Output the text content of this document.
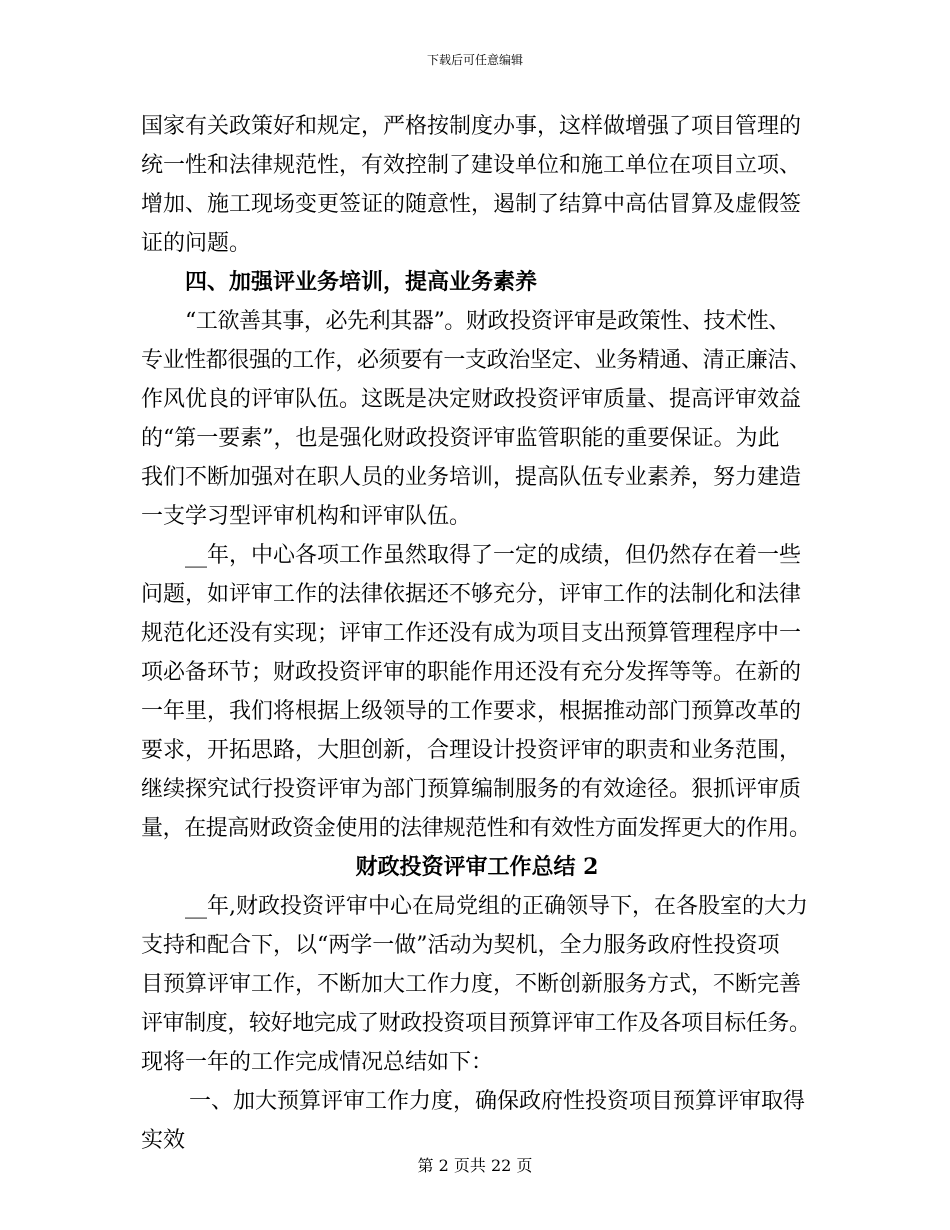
下载后可任意编辑
国家有关政策好和规定，严格按制度办事，这样做增强了项目管理的
统一性和法律规范性，有效控制了建设单位和施工单位在项目立项、
增加、施工现场变更签证的随意性，遏制了结算中高估冒算及虚假签
证的问题。
四、加强评业务培训，提高业务素养
“工欲善其事，必先利其器”。财政投资评审是政策性、技术性、
专业性都很强的工作，必须要有一支政治坚定、业务精通、清正廉洁、
作风优良的评审队伍。这既是决定财政投资评审质量、提高评审效益
的“第一要素”，也是强化财政投资评审监管职能的重要保证。为此
我们不断加强对在职人员的业务培训，提高队伍专业素养，努力建造
一支学习型评审机构和评审队伍。
__年，中心各项工作虽然取得了一定的成绩，但仍然存在着一些
问题，如评审工作的法律依据还不够充分，评审工作的法制化和法律
规范化还没有实现；评审工作还没有成为项目支出预算管理程序中一
项必备环节；财政投资评审的职能作用还没有充分发挥等等。在新的
一年里，我们将根据上级领导的工作要求，根据推动部门预算改革的
要求，开拓思路，大胆创新，合理设计投资评审的职责和业务范围，
继续探究试行投资评审为部门预算编制服务的有效途径。狠抓评审质
量，在提高财政资金使用的法律规范性和有效性方面发挥更大的作用。
财政投资评审工作总结 2
__年,财政投资评审中心在局党组的正确领导下，在各股室的大力
支持和配合下，以“两学一做”活动为契机，全力服务政府性投资项
目预算评审工作，不断加大工作力度，不断创新服务方式，不断完善
评审制度，较好地完成了财政投资项目预算评审工作及各项目标任务。
现将一年的工作完成情况总结如下：
一、加大预算评审工作力度，确保政府性投资项目预算评审取得
实效
第 2 页共 22 页
